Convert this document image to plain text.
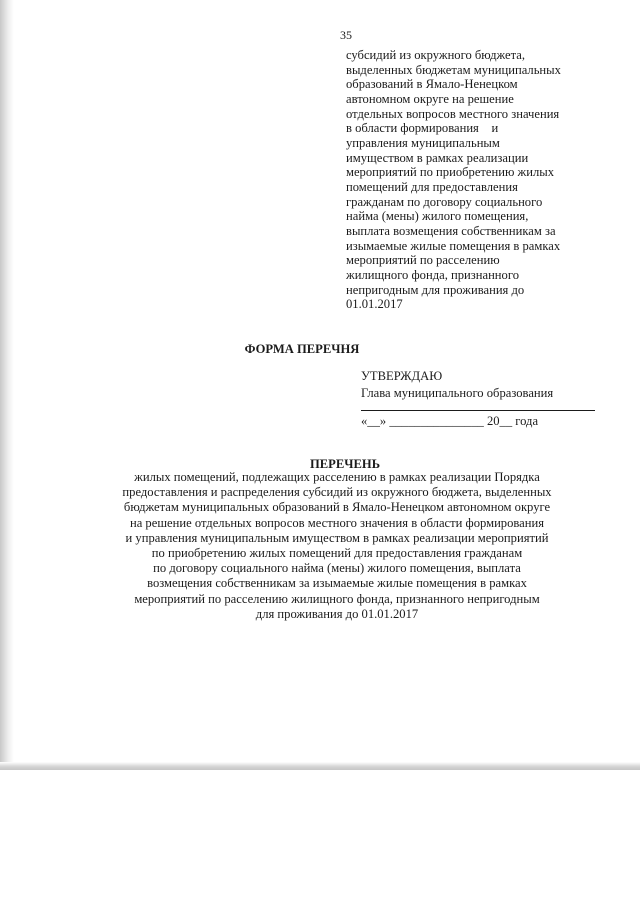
35
субсидий из окружного бюджета,
выделенных бюджетам муниципальных
образований в Ямало-Ненецком
автономном округе на решение
отдельных вопросов местного значения
в области формирования    и
управления муниципальным
имуществом в рамках реализации
мероприятий по приобретению жилых
помещений для предоставления
гражданам по договору социального
найма (мены) жилого помещения,
выплата возмещения собственникам за
изымаемые жилые помещения в рамках
мероприятий по расселению
жилищного фонда, признанного
непригодным для проживания до
01.01.2017
ФОРМА ПЕРЕЧНЯ
УТВЕРЖДАЮ
Глава муниципального образования
«__» _______________ 20__ года
ПЕРЕЧЕНЬ
жилых помещений, подлежащих расселению в рамках реализации Порядка
предоставления и распределения субсидий из окружного бюджета, выделенных
бюджетам муниципальных образований в Ямало-Ненецком автономном округе
на решение отдельных вопросов местного значения в области формирования
и управления муниципальным имуществом в рамках реализации мероприятий
по приобретению жилых помещений для предоставления гражданам
по договору социального найма (мены) жилого помещения, выплата
возмещения собственникам за изымаемые жилые помещения в рамках
мероприятий по расселению жилищного фонда, признанного непригодным
для проживания до 01.01.2017
